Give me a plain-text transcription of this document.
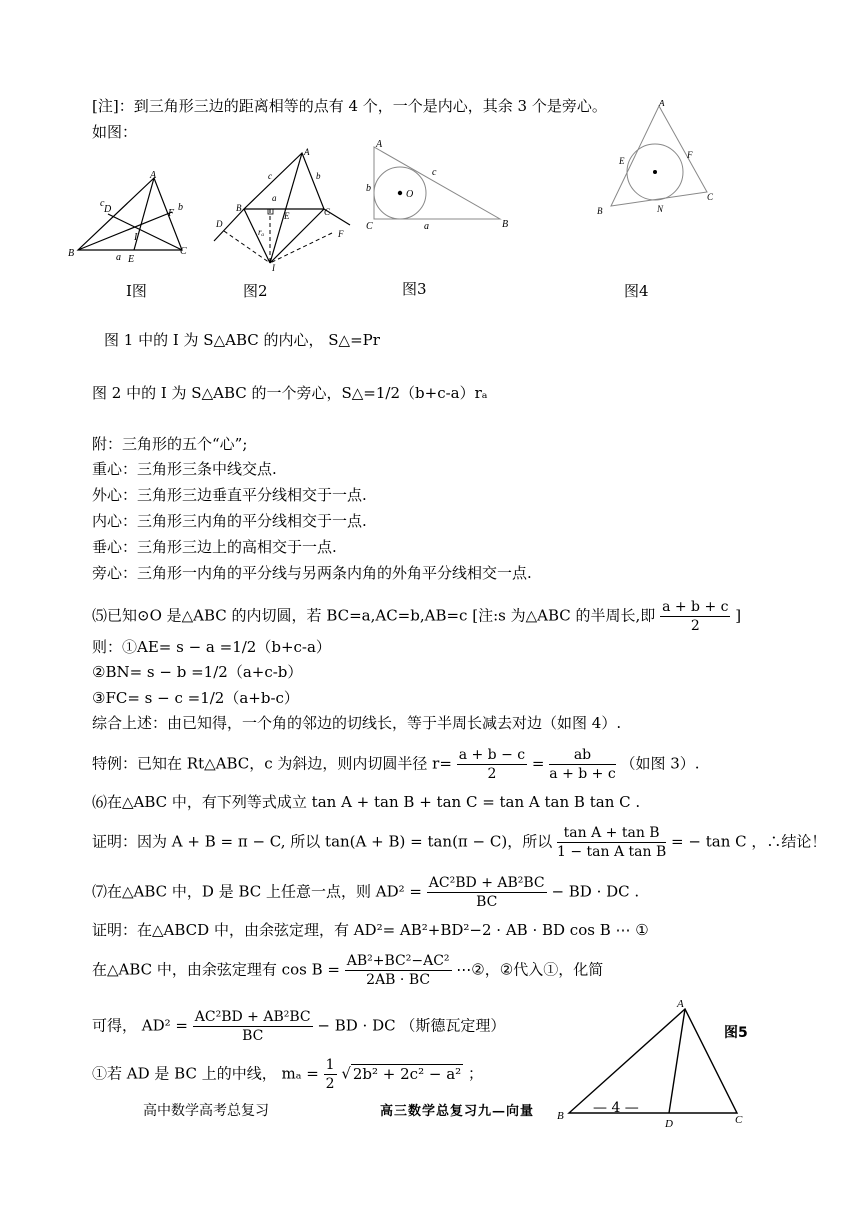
[注]：到三角形三边的距离相等的点有 4 个，一个是内心，其余 3 个是旁心。
如图：
A
B	C
D
E
F
I
a
b
c
I图
A
B	C
D
E
F
I
a
b
c
rₐ
图2
A
B
C
O
a
b
c
图3
A
B
C
E
F
N
图4
图 1 中的 I 为 S△ABC 的内心， S△=Pr
图 2 中的 I 为 S△ABC 的一个旁心，S△=1/2（b+c-a）rₐ
附：三角形的五个“心”;
重心：三角形三条中线交点.
外心：三角形三边垂直平分线相交于一点.
内心：三角形三内角的平分线相交于一点.
垂心：三角形三边上的高相交于一点.
旁心：三角形一内角的平分线与另两条内角的外角平分线相交一点.
⑸已知⊙O 是△ABC 的内切圆，若 BC=a,AC=b,AB=c [注:s 为△ABC 的半周长,即 $\frac{a + b + c}{2}$ ]
则：①AE= s − a =1/2（b+c-a）
②BN= s − b =1/2（a+c-b）
③FC= s − c =1/2（a+b-c）
综合上述：由已知得，一个角的邻边的切线长，等于半周长减去对边（如图 4）.
特例：已知在 Rt△ABC，c 为斜边，则内切圆半径 $r= \frac{a + b - c}{2} = \frac{ab}{a + b + c}$ （如图 3）.
⑹在△ABC 中，有下列等式成立 tan A + tan B + tan C = tan A tan B tan C .
证明：因为 A + B = π − C, 所以 tan(A + B) = tan(π − C)，所以 $\frac{\text{tan A + tan B}}{\text{1 − tan A tan B}}$ = − tan C ，∴结论！
⑺在△ABC 中，D 是 BC 上任意一点，则 $AD^2 = \frac{\text{AC²BD + AB²BC}}{BC}$ − BD · DC .
证明：在△ABCD 中，由余弦定理，有 AD²= AB²+BD²−2 · AB · BD cos B ⋯ ①
在△ABC 中，由余弦定理有 $\cos B = \frac{\text{AB²+BC²−AC²}}{2AB \cdot BC}$ ⋯②，②代入①，化简
可得， $AD^2 = \frac{\text{AC²BD + AB²BC}}{BC}$ − BD · DC （斯德瓦定理）
①若 AD 是 BC 上的中线， $m_a = \frac{1}{2}$ √ 2b² + 2c² − a² ；
A
B	C
D
图5
高中数学高考总复习	高三数学总复习九—向量	— 4 —
